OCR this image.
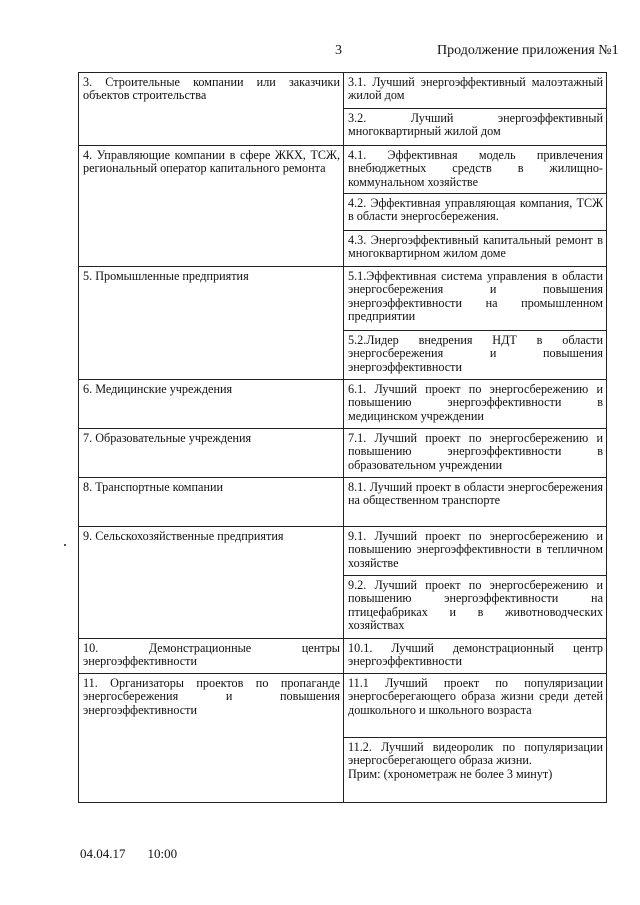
3	Продолжение приложения №1
3. Строительные компании или заказчики объектов строительства	3.1. Лучший энергоэффективный малоэтажный жилой дом
	3.2. Лучший энергоэффективный многоквартирный жилой дом
4. Управляющие компании в сфере ЖКХ, ТСЖ, региональный оператор капитального ремонта	4.1. Эффективная модель привлечения внебюджетных средств в жилищно-коммунальном хозяйстве
	4.2. Эффективная управляющая компания, ТСЖ в области энергосбережения.
	4.3. Энергоэффективный капитальный ремонт в многоквартирном жилом доме
5. Промышленные предприятия	5.1.Эффективная система управления в области энергосбережения и повышения энергоэффективности на промышленном предприятии
	5.2.Лидер внедрения НДТ в области энергосбережения и повышения энергоэффективности
6. Медицинские учреждения	6.1. Лучший проект по энергосбережению и повышению энергоэффективности в медицинском учреждении
7. Образовательные учреждения	7.1. Лучший проект по энергосбережению и повышению энергоэффективности в образовательном учреждении
8. Транспортные компании	8.1. Лучший проект в области энергосбережения на общественном транспорте
9. Сельскохозяйственные предприятия	9.1. Лучший проект по энергосбережению и повышению энергоэффективности в тепличном хозяйстве
	9.2. Лучший проект по энергосбережению и повышению энергоэффективности на птицефабриках и в животноводческих хозяйствах
10. Демонстрационные центры энергоэффективности	10.1. Лучший демонстрационный центр энергоэффективности
11. Организаторы проектов по пропаганде энергосбережения и повышения энергоэффективности	11.1 Лучший проект по популяризации энергосберегающего образа жизни среди детей дошкольного и школьного возраста

	11.2. Лучший видеоролик по популяризации энергосберегающего образа жизни.
Прим: (хронометраж не более 3 минут)
04.04.17 10:00
